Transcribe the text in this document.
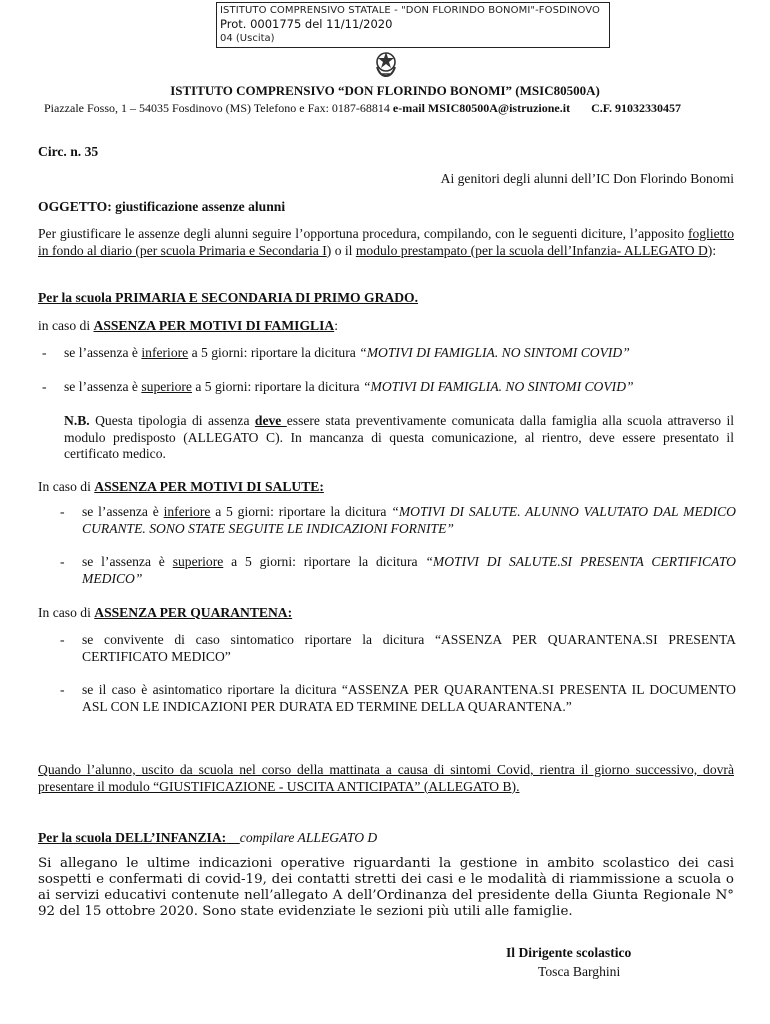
ISTITUTO COMPRENSIVO STATALE - "DON FLORINDO BONOMI"-FOSDINOVO
Prot. 0001775 del 11/11/2020
04 (Uscita)
ISTITUTO COMPRENSIVO “DON FLORINDO BONOMI” (MSIC80500A)
Piazzale Fosso, 1 – 54035 Fosdinovo (MS) Telefono e Fax: 0187-68814 e-mail MSIC80500A@istruzione.it C.F. 91032330457
Circ. n. 35
Ai genitori degli alunni dell’IC Don Florindo Bonomi
OGGETTO: giustificazione assenze alunni
Per giustificare le assenze degli alunni seguire l’opportuna procedura, compilando, con le seguenti diciture, l’apposito foglietto in fondo al diario (per scuola Primaria e Secondaria I) o il modulo prestampato (per la scuola dell’Infanzia- ALLEGATO D):
Per la scuola PRIMARIA E SECONDARIA DI PRIMO GRADO.
in caso di ASSENZA PER MOTIVI DI FAMIGLIA:
- se l’assenza è inferiore a 5 giorni: riportare la dicitura “MOTIVI DI FAMIGLIA. NO SINTOMI COVID”
- se l’assenza è superiore a 5 giorni: riportare la dicitura “MOTIVI DI FAMIGLIA. NO SINTOMI COVID”
N.B. Questa tipologia di assenza deve essere stata preventivamente comunicata dalla famiglia alla scuola attraverso il modulo predisposto (ALLEGATO C). In mancanza di questa comunicazione, al rientro, deve essere presentato il certificato medico.
In caso di ASSENZA PER MOTIVI DI SALUTE:
- se l’assenza è inferiore a 5 giorni: riportare la dicitura “MOTIVI DI SALUTE. ALUNNO VALUTATO DAL MEDICO CURANTE. SONO STATE SEGUITE LE INDICAZIONI FORNITE”
- se l’assenza è superiore a 5 giorni: riportare la dicitura “MOTIVI DI SALUTE.SI PRESENTA CERTIFICATO MEDICO”
In caso di ASSENZA PER QUARANTENA:
- se convivente di caso sintomatico riportare la dicitura “ASSENZA PER QUARANTENA.SI PRESENTA CERTIFICATO MEDICO”
- se il caso è asintomatico riportare la dicitura “ASSENZA PER QUARANTENA.SI PRESENTA IL DOCUMENTO ASL CON LE INDICAZIONI PER DURATA ED TERMINE DELLA QUARANTENA.”
Quando l’alunno, uscito da scuola nel corso della mattinata a causa di sintomi Covid, rientra il giorno successivo, dovrà presentare il modulo “GIUSTIFICAZIONE - USCITA ANTICIPATA” (ALLEGATO B).
Per la scuola DELL’INFANZIA: compilare ALLEGATO D
Si allegano le ultime indicazioni operative riguardanti la gestione in ambito scolastico dei casi sospetti e confermati di covid-19, dei contatti stretti dei casi e le modalità di riammissione a scuola o ai servizi educativi contenute nell’allegato A dell’Ordinanza del presidente della Giunta Regionale N° 92 del 15 ottobre 2020. Sono state evidenziate le sezioni più utili alle famiglie.
Il Dirigente scolastico
Tosca Barghini
